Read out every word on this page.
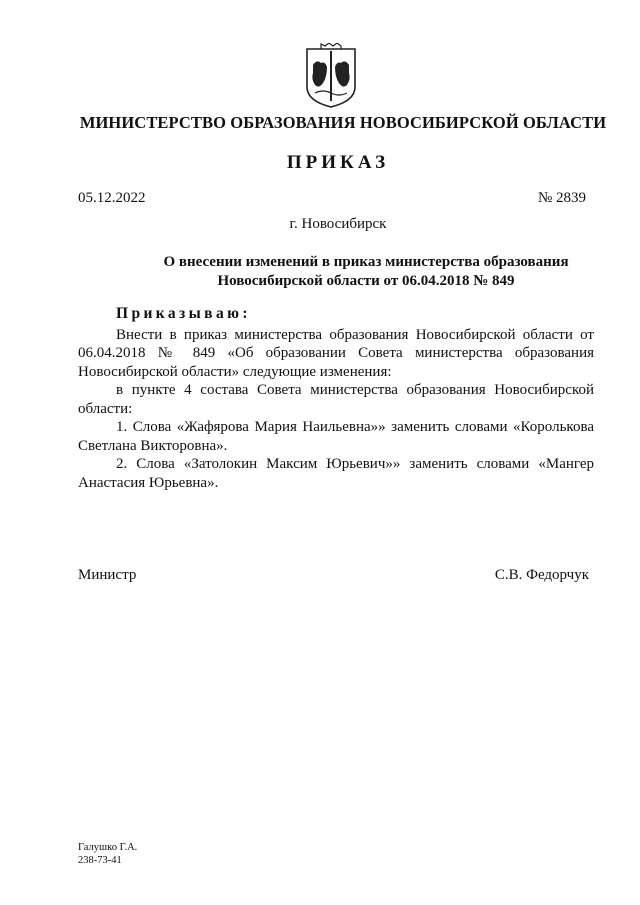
МИНИСТЕРСТВО ОБРАЗОВАНИЯ НОВОСИБИРСКОЙ ОБЛАСТИ
ПРИКАЗ
05.12.2022	№ 2839
г. Новосибирск
О внесении изменений в приказ министерства образования
Новосибирской области от 06.04.2018 № 849

Приказываю:

Внести в приказ министерства образования Новосибирской области от 06.04.2018 № 849 «Об образовании Совета министерства образования Новосибирской области» следующие изменения:

в пункте 4 состава Совета министерства образования Новосибирской области:

1. Слова «Жафярова Мария Наильевна»» заменить словами «Королькова Светлана Викторовна».

2. Слова «Затолокин Максим Юрьевич»» заменить словами «Мангер Анастасия Юрьевна».

Министр	С.В. Федорчук
Галушко Г.А.
238-73-41
